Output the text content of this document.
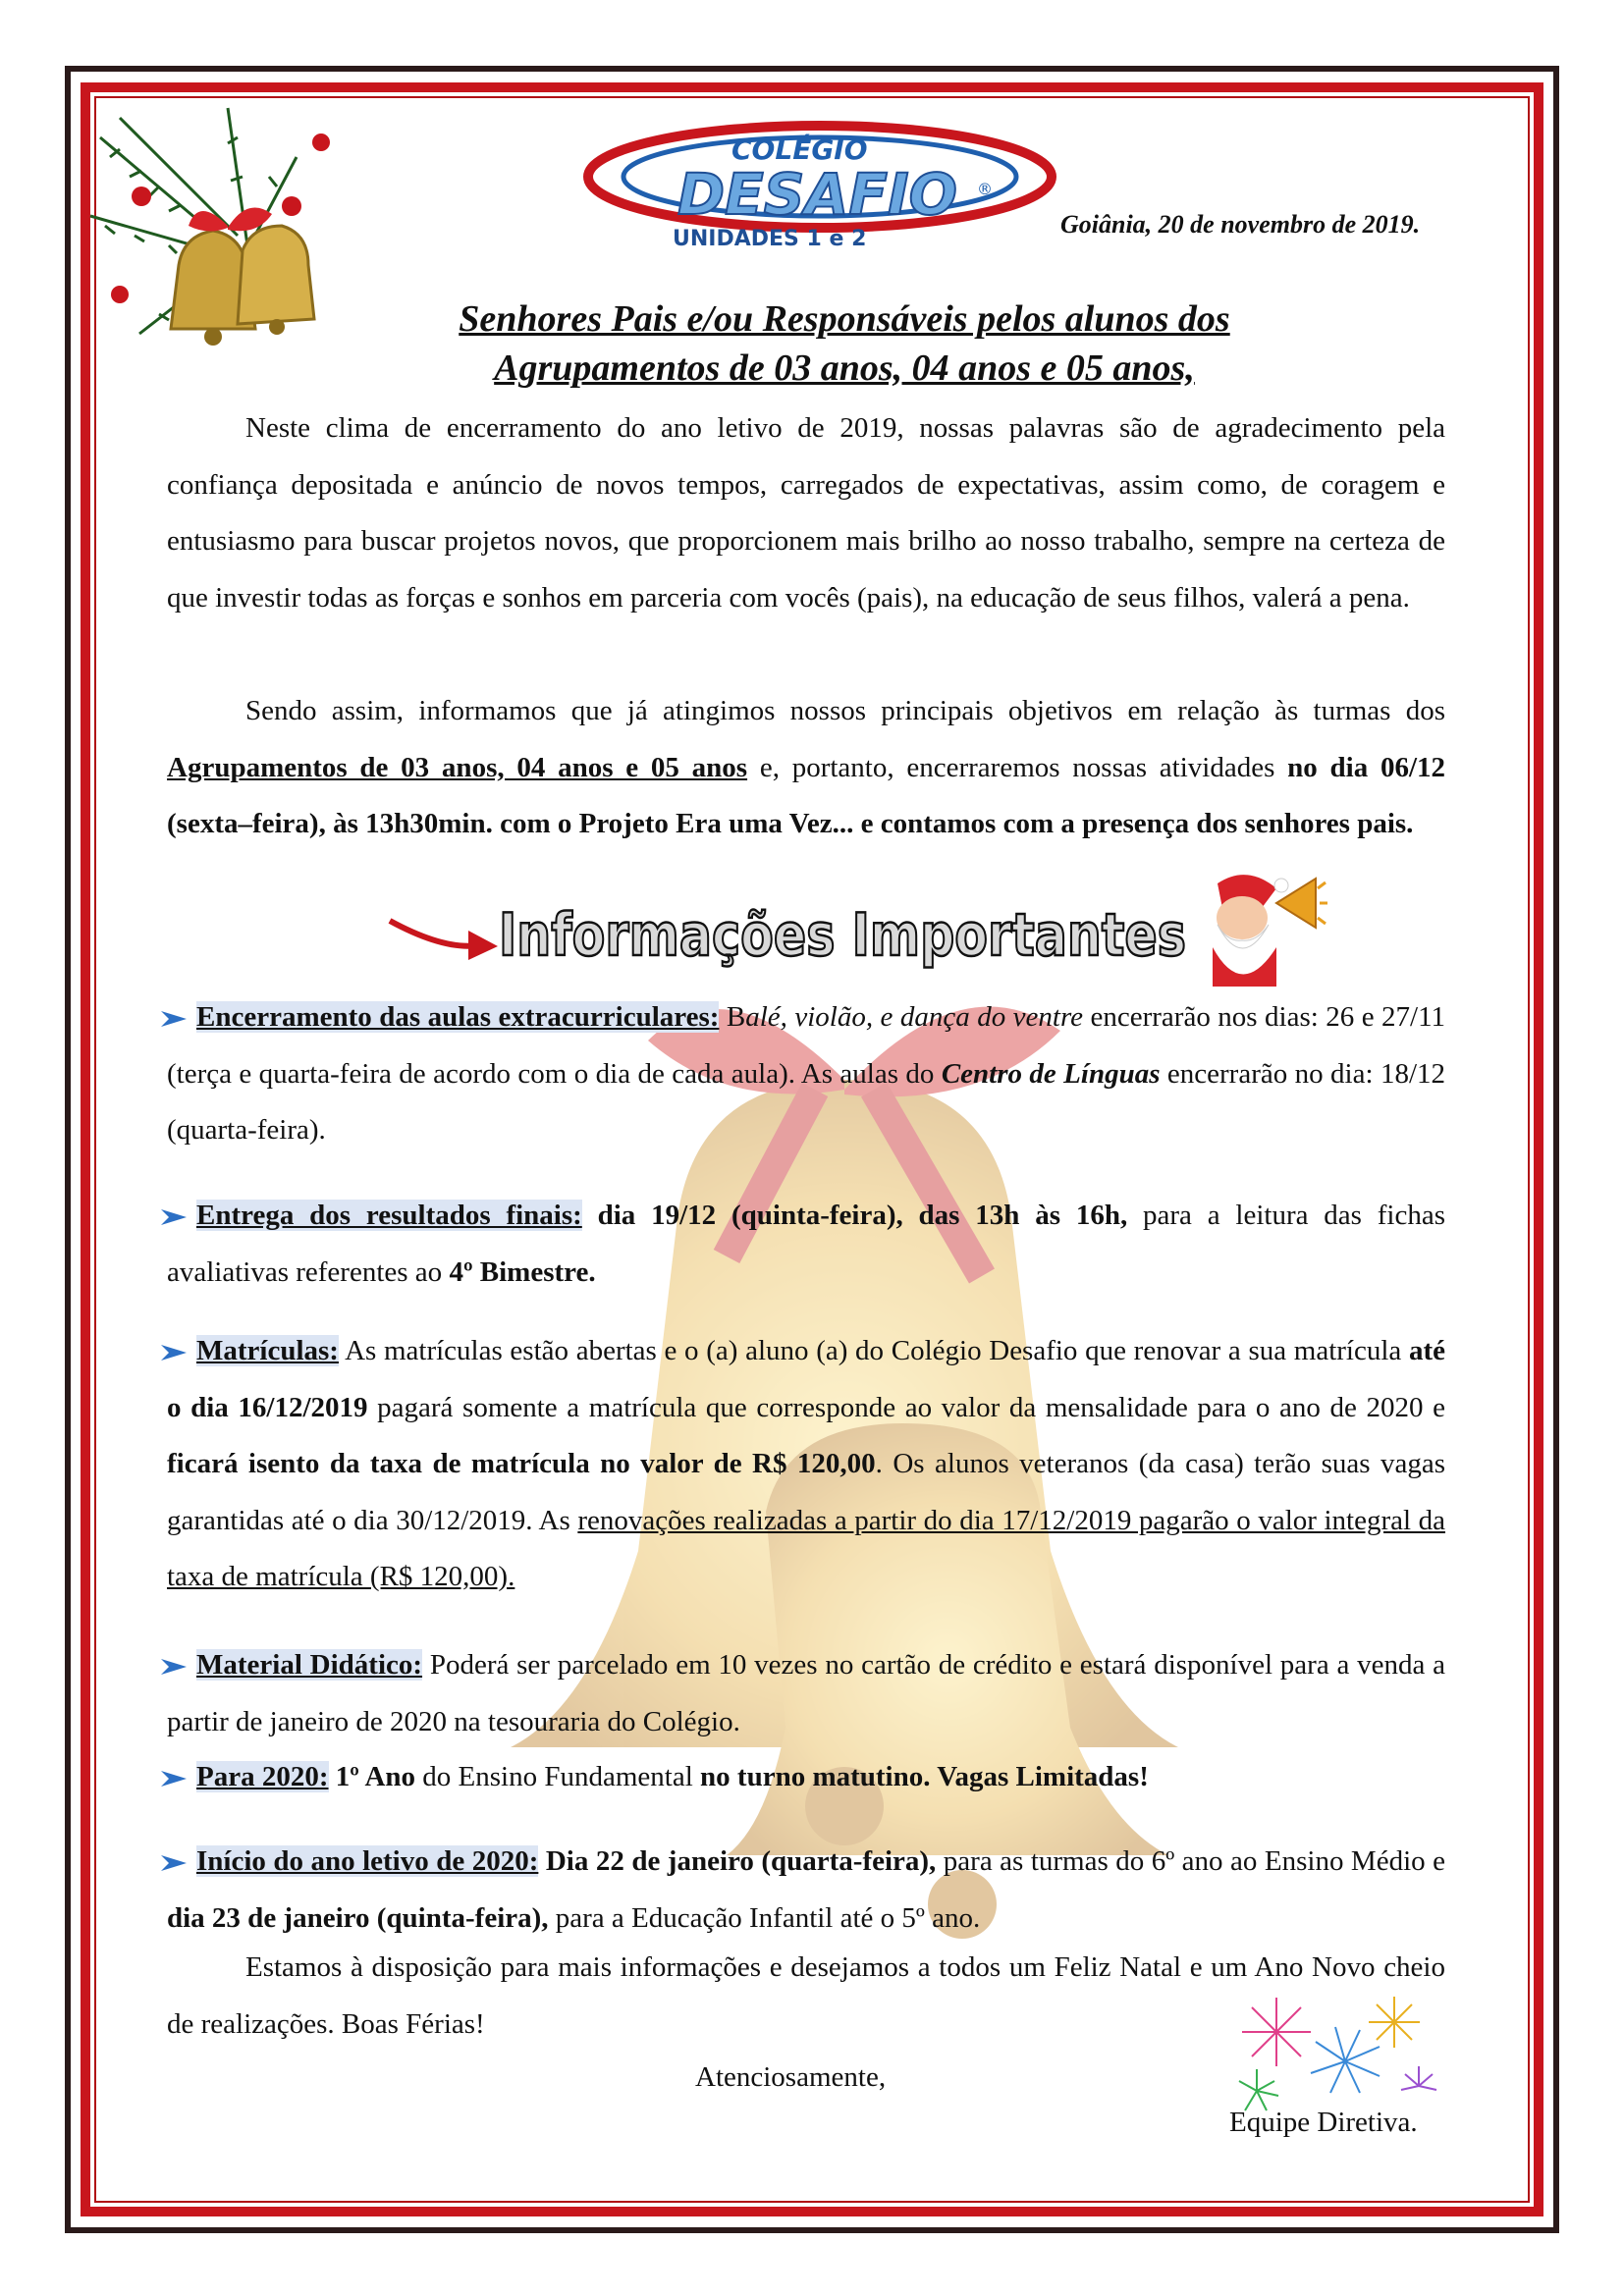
COLÉGIO
DESAFIO ®
UNIDADES 1 e 2
Goiânia, 20 de novembro de 2019.
Senhores Pais e/ou Responsáveis pelos alunos dos
Agrupamentos de 03 anos, 04 anos e 05 anos,

Neste clima de encerramento do ano letivo de 2019, nossas palavras são de agradecimento pela confiança depositada e anúncio de novos tempos, carregados de expectativas, assim como, de coragem e entusiasmo para buscar projetos novos, que proporcionem mais brilho ao nosso trabalho, sempre na certeza de que investir todas as forças e sonhos em parceria com vocês (pais), na educação de seus filhos, valerá a pena.

Sendo assim, informamos que já atingimos nossos principais objetivos em relação às turmas dos Agrupamentos de 03 anos, 04 anos e 05 anos e, portanto, encerraremos nossas atividades no dia 06/12 (sexta–feira), às 13h30min. com o Projeto Era uma Vez... e contamos com a presença dos senhores pais.

Informações Importantes

Encerramento das aulas extracurriculares: Balé, violão, e dança do ventre encerrarão nos dias: 26 e 27/11 (terça e quarta-feira de acordo com o dia de cada aula). As aulas do Centro de Línguas encerrarão no dia: 18/12 (quarta-feira).

Entrega dos resultados finais: dia 19/12 (quinta-feira), das 13h às 16h, para a leitura das fichas avaliativas referentes ao 4º Bimestre.

Matrículas: As matrículas estão abertas e o (a) aluno (a) do Colégio Desafio que renovar a sua matrícula até o dia 16/12/2019 pagará somente a matrícula que corresponde ao valor da mensalidade para o ano de 2020 e ficará isento da taxa de matrícula no valor de R$ 120,00. Os alunos veteranos (da casa) terão suas vagas garantidas até o dia 30/12/2019. As renovações realizadas a partir do dia 17/12/2019 pagarão o valor integral da taxa de matrícula (R$ 120,00).

Material Didático: Poderá ser parcelado em 10 vezes no cartão de crédito e estará disponível para a venda a partir de janeiro de 2020 na tesouraria do Colégio.

Para 2020: 1º Ano do Ensino Fundamental no turno matutino. Vagas Limitadas!

Início do ano letivo de 2020: Dia 22 de janeiro (quarta-feira), para as turmas do 6º ano ao Ensino Médio e dia 23 de janeiro (quinta-feira), para a Educação Infantil até o 5º ano.

Estamos à disposição para mais informações e desejamos a todos um Feliz Natal e um Ano Novo cheio de realizações. Boas Férias!

Atenciosamente,
Equipe Diretiva.
